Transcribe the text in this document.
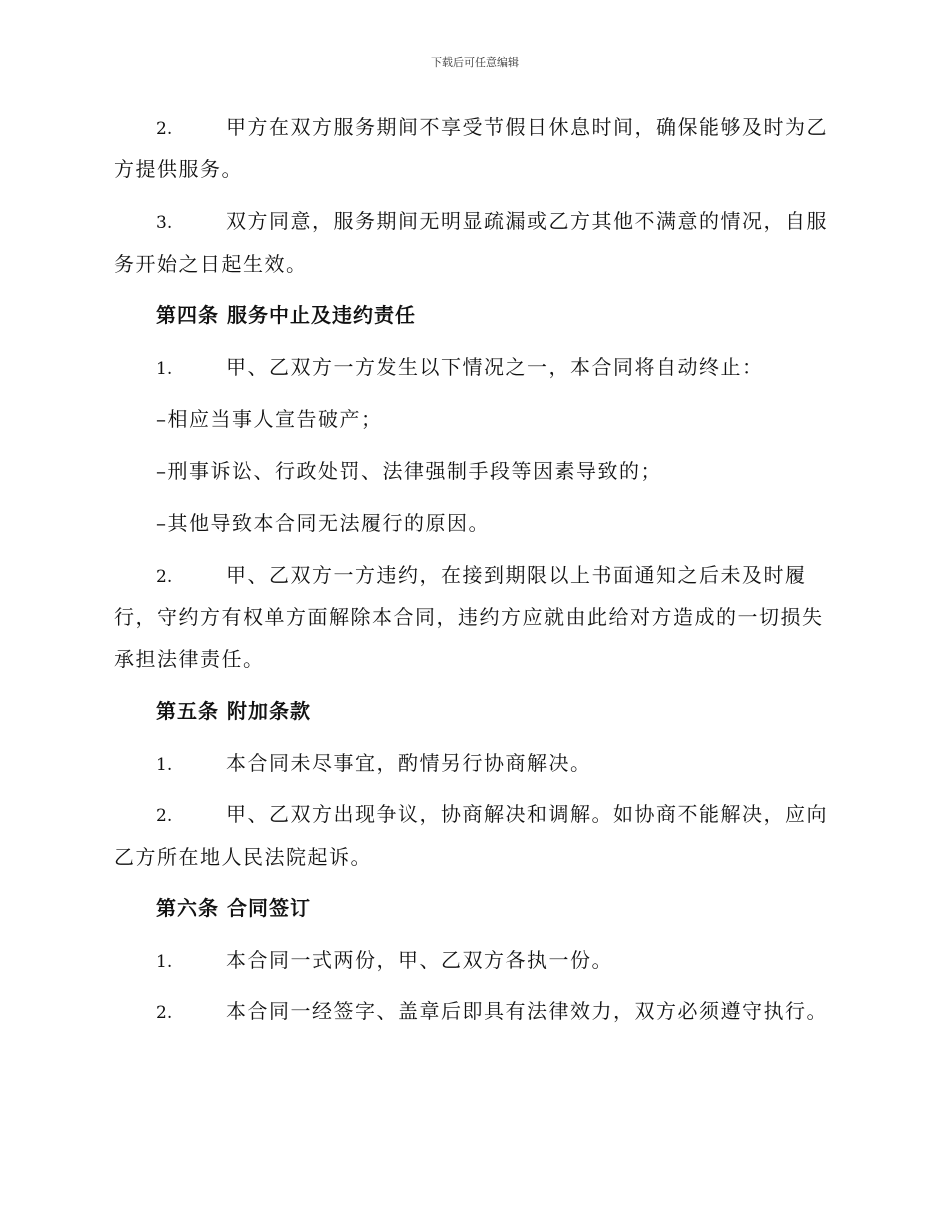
下载后可任意编辑
2.	甲方在双方服务期间不享受节假日休息时间，确保能够及时为乙
方提供服务。
3.	双方同意，服务期间无明显疏漏或乙方其他不满意的情况，自服
务开始之日起生效。
第四条 服务中止及违约责任
1.	甲、乙双方一方发生以下情况之一，本合同将自动终止：
–相应当事人宣告破产；
–刑事诉讼、行政处罚、法律强制手段等因素导致的；
–其他导致本合同无法履行的原因。
2.	甲、乙双方一方违约，在接到期限以上书面通知之后未及时履
行，守约方有权单方面解除本合同，违约方应就由此给对方造成的一切损失
承担法律责任。
第五条 附加条款
1.	本合同未尽事宜，酌情另行协商解决。
2.	甲、乙双方出现争议，协商解决和调解。如协商不能解决，应向
乙方所在地人民法院起诉。
第六条 合同签订
1.	本合同一式两份，甲、乙双方各执一份。
2.	本合同一经签字、盖章后即具有法律效力，双方必须遵守执行。
